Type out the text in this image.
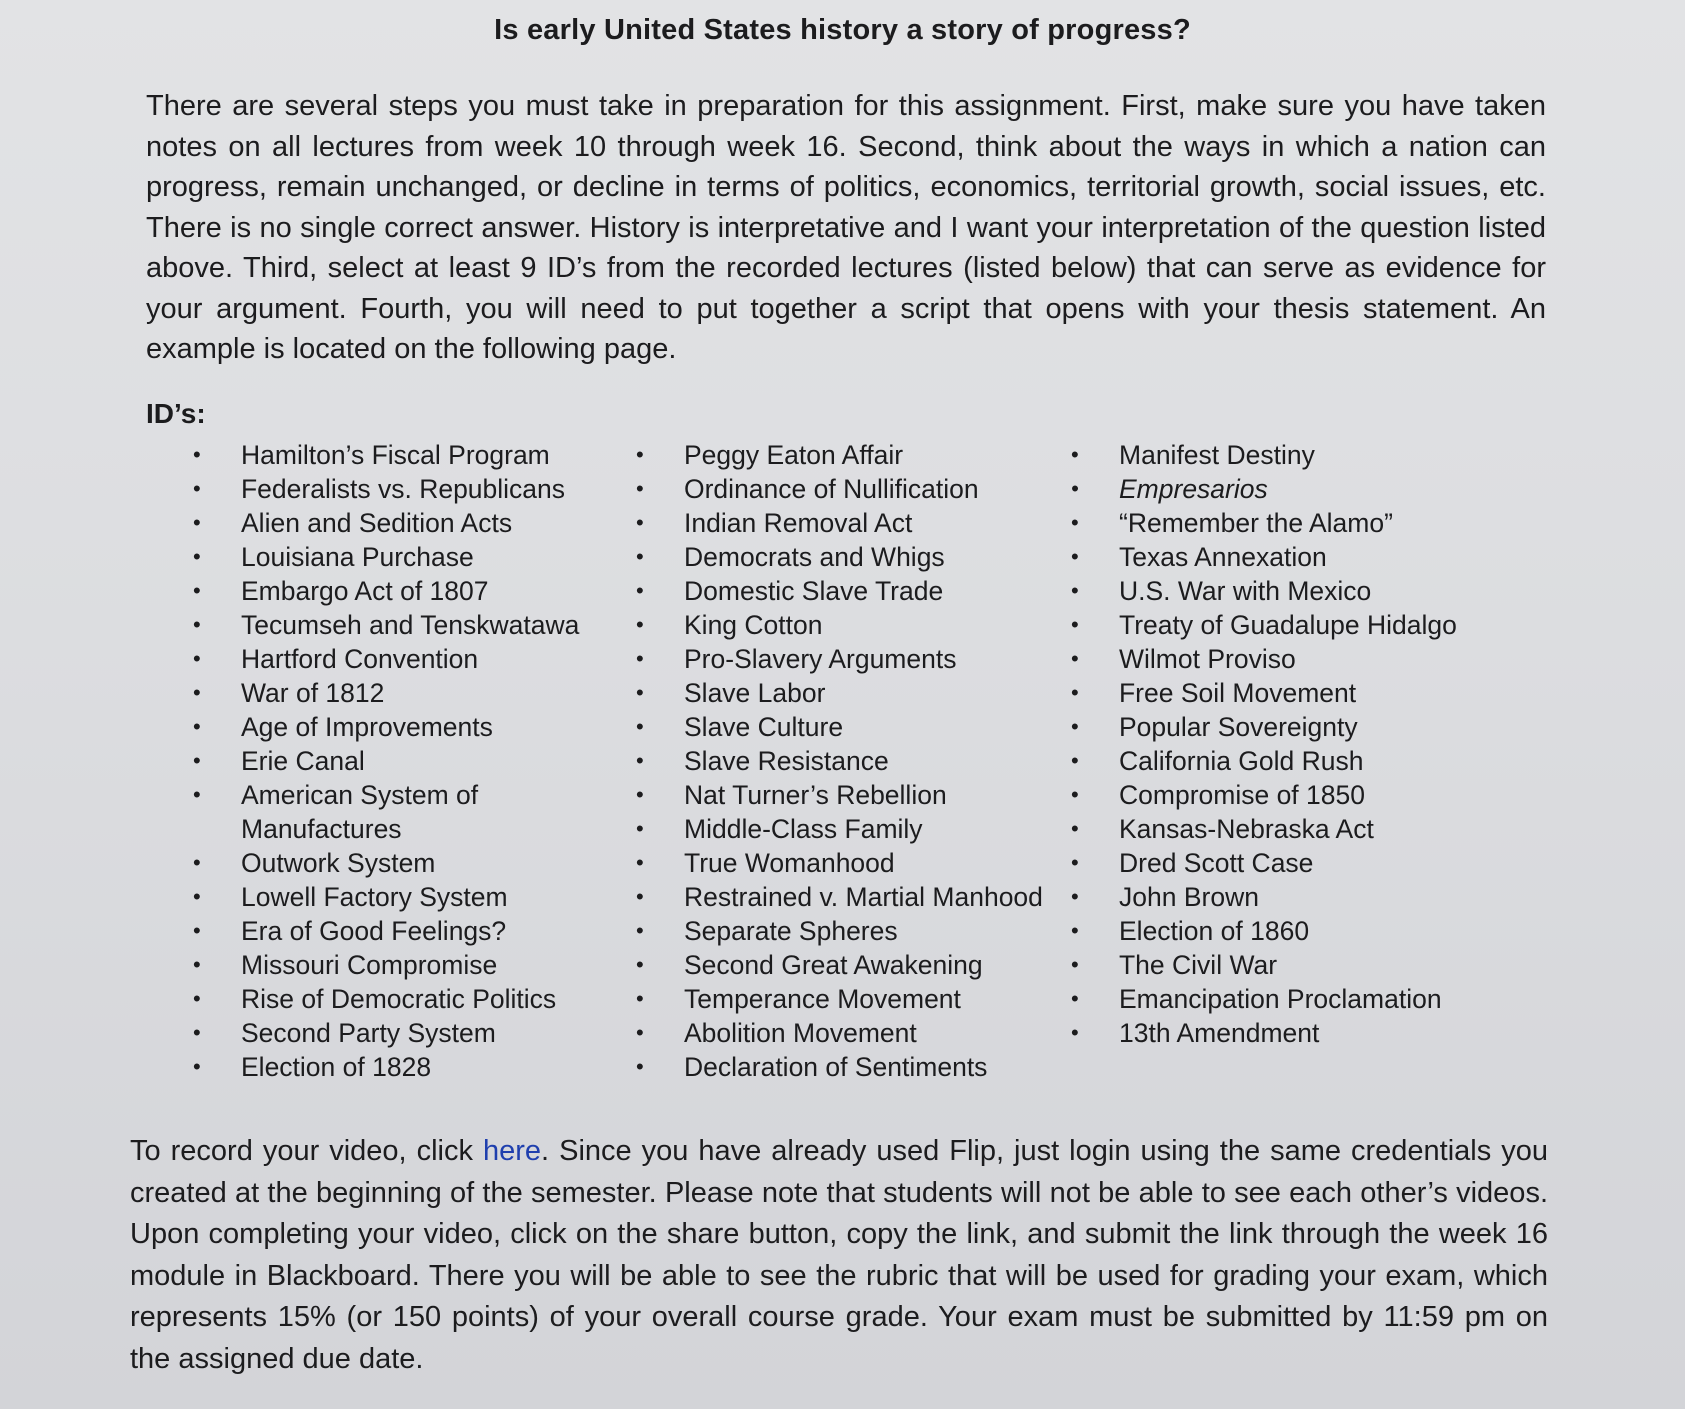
Is early United States history a story of progress?

There are several steps you must take in preparation for this assignment. First, make sure you have taken notes on all lectures from week 10 through week 16. Second, think about the ways in which a nation can progress, remain unchanged, or decline in terms of politics, economics, territorial growth, social issues, etc. There is no single correct answer. History is interpretative and I want your interpretation of the question listed above. Third, select at least 9 ID’s from the recorded lectures (listed below) that can serve as evidence for your argument. Fourth, you will need to put together a script that opens with your thesis statement. An example is located on the following page.

ID’s:
• Hamilton’s Fiscal Program
• Federalists vs. Republicans
• Alien and Sedition Acts
• Louisiana Purchase
• Embargo Act of 1807
• Tecumseh and Tenskwatawa
• Hartford Convention
• War of 1812
• Age of Improvements
• Erie Canal
• American System of Manufactures
• Outwork System
• Lowell Factory System
• Era of Good Feelings?
• Missouri Compromise
• Rise of Democratic Politics
• Second Party System
• Election of 1828
• Peggy Eaton Affair
• Ordinance of Nullification
• Indian Removal Act
• Democrats and Whigs
• Domestic Slave Trade
• King Cotton
• Pro-Slavery Arguments
• Slave Labor
• Slave Culture
• Slave Resistance
• Nat Turner’s Rebellion
• Middle-Class Family
• True Womanhood
• Restrained v. Martial Manhood
• Separate Spheres
• Second Great Awakening
• Temperance Movement
• Abolition Movement
• Declaration of Sentiments
• Manifest Destiny
• Empresarios
• “Remember the Alamo”
• Texas Annexation
• U.S. War with Mexico
• Treaty of Guadalupe Hidalgo
• Wilmot Proviso
• Free Soil Movement
• Popular Sovereignty
• California Gold Rush
• Compromise of 1850
• Kansas-Nebraska Act
• Dred Scott Case
• John Brown
• Election of 1860
• The Civil War
• Emancipation Proclamation
• 13th Amendment

To record your video, click here. Since you have already used Flip, just login using the same credentials you created at the beginning of the semester. Please note that students will not be able to see each other’s videos. Upon completing your video, click on the share button, copy the link, and submit the link through the week 16 module in Blackboard. There you will be able to see the rubric that will be used for grading your exam, which represents 15% (or 150 points) of your overall course grade. Your exam must be submitted by 11:59 pm on the assigned due date.
